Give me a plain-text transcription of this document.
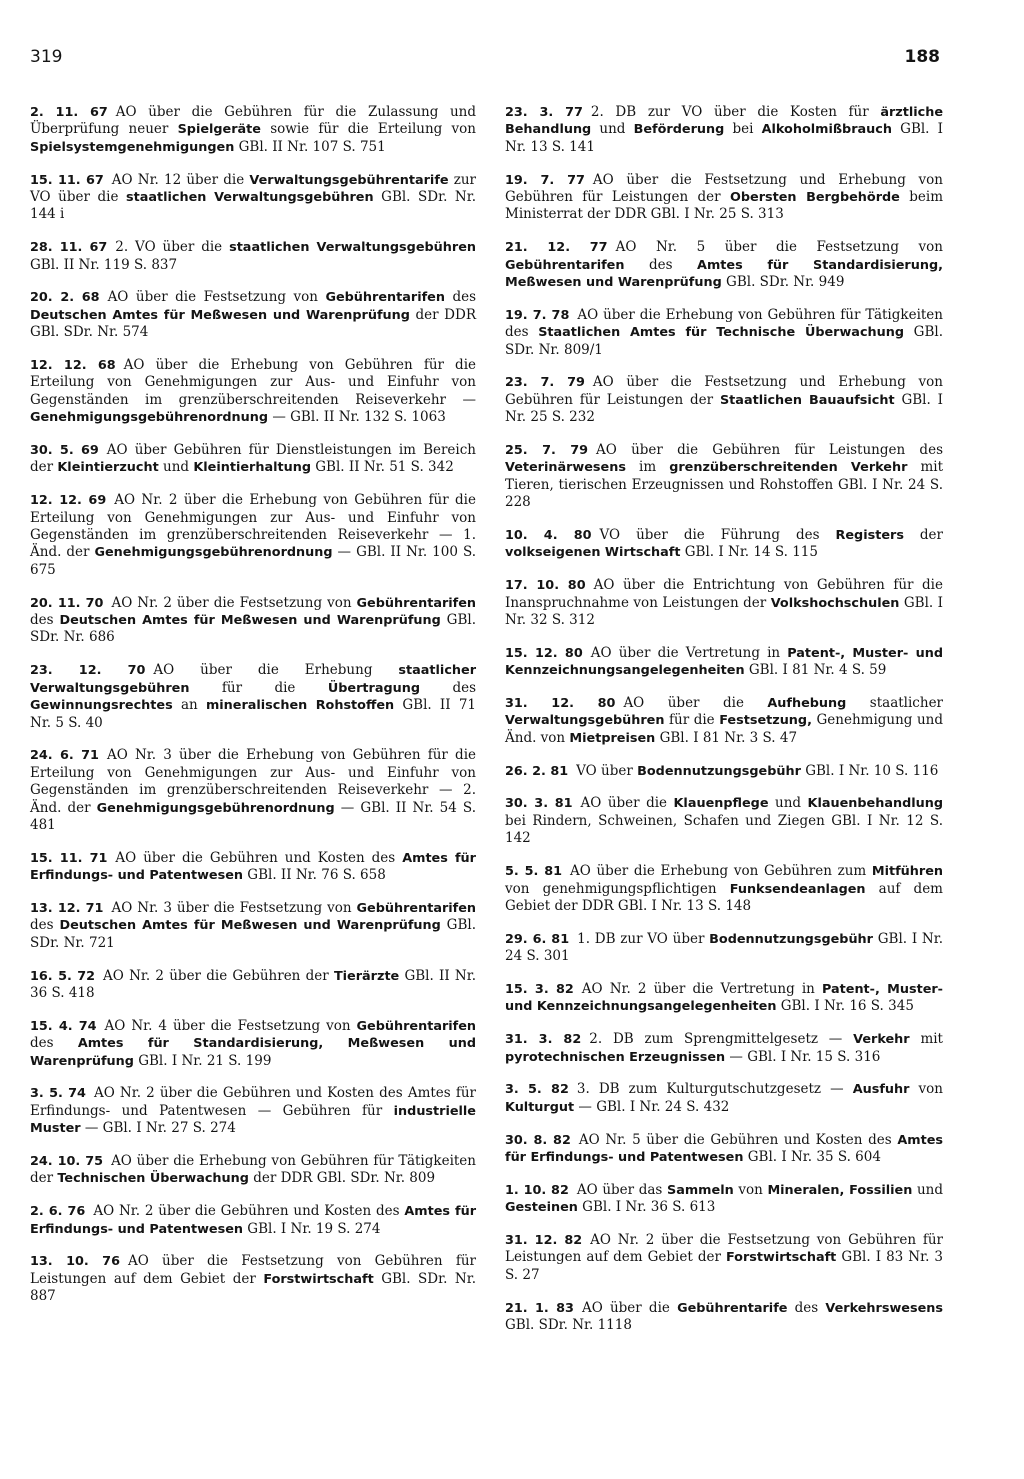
319	188
2. 11. 67 AO über die Gebühren für die Zulassung und Überprüfung neuer Spielgeräte sowie für die Erteilung von Spielsystemgenehmigungen GBl. II Nr. 107 S. 751
15. 11. 67 AO Nr. 12 über die Verwaltungsgebührentarife zur VO über die staatlichen Verwaltungsgebühren GBl. SDr. Nr. 144 i
28. 11. 67 2. VO über die staatlichen Verwaltungsgebühren GBl. II Nr. 119 S. 837
20. 2. 68 AO über die Festsetzung von Gebührentarifen des Deutschen Amtes für Meßwesen und Warenprüfung der DDR GBl. SDr. Nr. 574
12. 12. 68 AO über die Erhebung von Gebühren für die Erteilung von Genehmigungen zur Aus- und Einfuhr von Gegenständen im grenzüberschreitenden Reiseverkehr — Genehmigungsgebührenordnung — GBl. II Nr. 132 S. 1063
30. 5. 69 AO über Gebühren für Dienstleistungen im Bereich der Kleintierzucht und Kleintierhaltung GBl. II Nr. 51 S. 342
12. 12. 69 AO Nr. 2 über die Erhebung von Gebühren für die Erteilung von Genehmigungen zur Aus- und Einfuhr von Gegenständen im grenzüberschreitenden Reiseverkehr — 1. Änd. der Genehmigungsgebührenordnung — GBl. II Nr. 100 S. 675
20. 11. 70 AO Nr. 2 über die Festsetzung von Gebührentarifen des Deutschen Amtes für Meßwesen und Warenprüfung GBl. SDr. Nr. 686
23. 12. 70 AO über die Erhebung staatlicher Verwaltungsgebühren für die Übertragung des Gewinnungsrechtes an mineralischen Rohstoffen GBl. II 71 Nr. 5 S. 40
24. 6. 71 AO Nr. 3 über die Erhebung von Gebühren für die Erteilung von Genehmigungen zur Aus- und Einfuhr von Gegenständen im grenzüberschreitenden Reiseverkehr — 2. Änd. der Genehmigungsgebührenordnung — GBl. II Nr. 54 S. 481
15. 11. 71 AO über die Gebühren und Kosten des Amtes für Erfindungs- und Patentwesen GBl. II Nr. 76 S. 658
13. 12. 71 AO Nr. 3 über die Festsetzung von Gebührentarifen des Deutschen Amtes für Meßwesen und Warenprüfung GBl. SDr. Nr. 721
16. 5. 72 AO Nr. 2 über die Gebühren der Tierärzte GBl. II Nr. 36 S. 418
15. 4. 74 AO Nr. 4 über die Festsetzung von Gebührentarifen des Amtes für Standardisierung, Meßwesen und Warenprüfung GBl. I Nr. 21 S. 199
3. 5. 74 AO Nr. 2 über die Gebühren und Kosten des Amtes für Erfindungs- und Patentwesen — Gebühren für industrielle Muster — GBl. I Nr. 27 S. 274
24. 10. 75 AO über die Erhebung von Gebühren für Tätigkeiten der Technischen Überwachung der DDR GBl. SDr. Nr. 809
2. 6. 76 AO Nr. 2 über die Gebühren und Kosten des Amtes für Erfindungs- und Patentwesen GBl. I Nr. 19 S. 274
13. 10. 76 AO über die Festsetzung von Gebühren für Leistungen auf dem Gebiet der Forstwirtschaft GBl. SDr. Nr. 887
23. 3. 77 2. DB zur VO über die Kosten für ärztliche Behandlung und Beförderung bei Alkoholmißbrauch GBl. I Nr. 13 S. 141
19. 7. 77 AO über die Festsetzung und Erhebung von Gebühren für Leistungen der Obersten Bergbehörde beim Ministerrat der DDR GBl. I Nr. 25 S. 313
21. 12. 77 AO Nr. 5 über die Festsetzung von Gebührentarifen des Amtes für Standardisierung, Meßwesen und Warenprüfung GBl. SDr. Nr. 949
19. 7. 78 AO über die Erhebung von Gebühren für Tätigkeiten des Staatlichen Amtes für Technische Überwachung GBl. SDr. Nr. 809/1
23. 7. 79 AO über die Festsetzung und Erhebung von Gebühren für Leistungen der Staatlichen Bauaufsicht GBl. I Nr. 25 S. 232
25. 7. 79 AO über die Gebühren für Leistungen des Veterinärwesens im grenzüberschreitenden Verkehr mit Tieren, tierischen Erzeugnissen und Rohstoffen GBl. I Nr. 24 S. 228
10. 4. 80 VO über die Führung des Registers der volkseigenen Wirtschaft GBl. I Nr. 14 S. 115
17. 10. 80 AO über die Entrichtung von Gebühren für die Inanspruchnahme von Leistungen der Volkshochschulen GBl. I Nr. 32 S. 312
15. 12. 80 AO über die Vertretung in Patent-, Muster- und Kennzeichnungsangelegenheiten GBl. I 81 Nr. 4 S. 59
31. 12. 80 AO über die Aufhebung staatlicher Verwaltungsgebühren für die Festsetzung, Genehmigung und Änd. von Mietpreisen GBl. I 81 Nr. 3 S. 47
26. 2. 81 VO über Bodennutzungsgebühr GBl. I Nr. 10 S. 116
30. 3. 81 AO über die Klauenpflege und Klauenbehandlung bei Rindern, Schweinen, Schafen und Ziegen GBl. I Nr. 12 S. 142
5. 5. 81 AO über die Erhebung von Gebühren zum Mitführen von genehmigungspflichtigen Funksendeanlagen auf dem Gebiet der DDR GBl. I Nr. 13 S. 148
29. 6. 81 1. DB zur VO über Bodennutzungsgebühr GBl. I Nr. 24 S. 301
15. 3. 82 AO Nr. 2 über die Vertretung in Patent-, Muster- und Kennzeichnungsangelegenheiten GBl. I Nr. 16 S. 345
31. 3. 82 2. DB zum Sprengmittelgesetz — Verkehr mit pyrotechnischen Erzeugnissen — GBl. I Nr. 15 S. 316
3. 5. 82 3. DB zum Kulturgutschutzgesetz — Ausfuhr von Kulturgut — GBl. I Nr. 24 S. 432
30. 8. 82 AO Nr. 5 über die Gebühren und Kosten des Amtes für Erfindungs- und Patentwesen GBl. I Nr. 35 S. 604
1. 10. 82 AO über das Sammeln von Mineralen, Fossilien und Gesteinen GBl. I Nr. 36 S. 613
31. 12. 82 AO Nr. 2 über die Festsetzung von Gebühren für Leistungen auf dem Gebiet der Forstwirtschaft GBl. I 83 Nr. 3 S. 27
21. 1. 83 AO über die Gebührentarife des Verkehrswesens GBl. SDr. Nr. 1118
